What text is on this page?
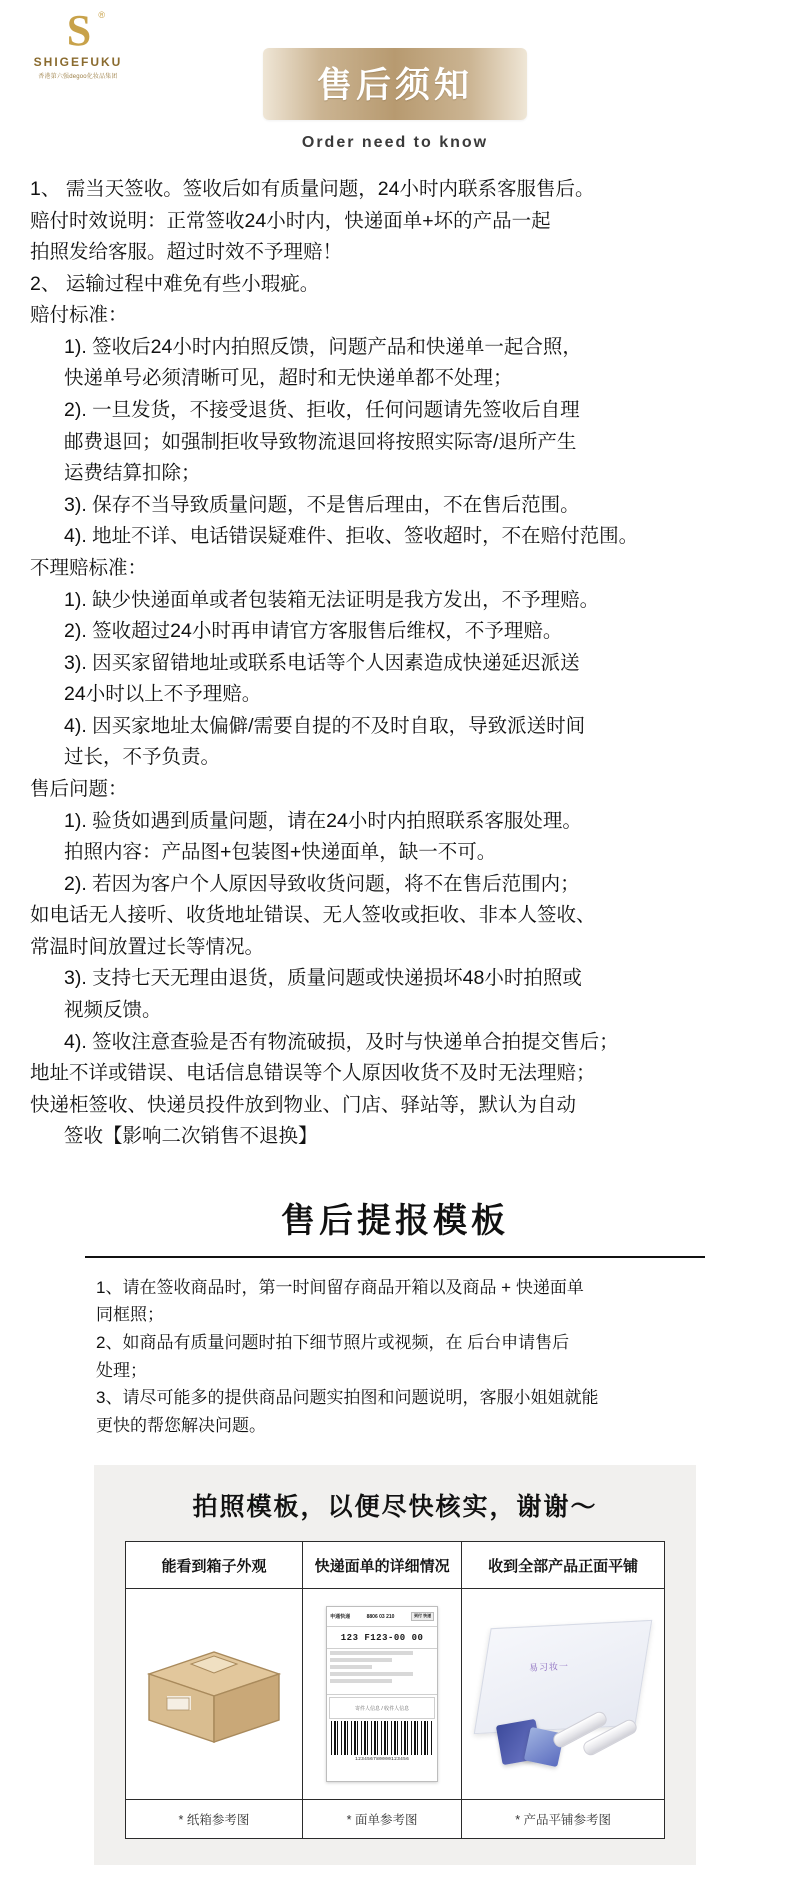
S ®
SHIGEFUKU
香港第六强degoo化妆品集团	售后须知
Order need to know

1、 需当天签收。签收后如有质量问题，24小时内联系客服售后。

赔付时效说明：正常签收24小时内，快递面单+坏的产品一起

拍照发给客服。超过时效不予理赔！

2、 运输过程中难免有些小瑕疵。

赔付标准：

1). 签收后24小时内拍照反馈，问题产品和快递单一起合照，

快递单号必须清晰可见，超时和无快递单都不处理；

2). 一旦发货，不接受退货、拒收，任何问题请先签收后自理

邮费退回；如强制拒收导致物流退回将按照实际寄/退所产生

运费结算扣除；

3). 保存不当导致质量问题，不是售后理由，不在售后范围。

4). 地址不详、电话错误疑难件、拒收、签收超时，不在赔付范围。

不理赔标准：

1). 缺少快递面单或者包装箱无法证明是我方发出，不予理赔。

2). 签收超过24小时再申请官方客服售后维权，不予理赔。

3). 因买家留错地址或联系电话等个人因素造成快递延迟派送

24小时以上不予理赔。

4). 因买家地址太偏僻/需要自提的不及时自取，导致派送时间

过长，不予负责。

售后问题：

1). 验货如遇到质量问题，请在24小时内拍照联系客服处理。

拍照内容：产品图+包装图+快递面单，缺一不可。

2). 若因为客户个人原因导致收货问题，将不在售后范围内；

如电话无人接听、收货地址错误、无人签收或拒收、非本人签收、

常温时间放置过长等情况。

3). 支持七天无理由退货，质量问题或快递损坏48小时拍照或

视频反馈。

4). 签收注意查验是否有物流破损，及时与快递单合拍提交售后；

地址不详或错误、电话信息错误等个人原因收货不及时无法理赔；

快递柜签收、快递员投件放到物业、门店、驿站等，默认为自动

签收【影响二次销售不退换】

售后提报模板

1、请在签收商品时，第一时间留存商品开箱以及商品 + 快递面单

同框照；

2、如商品有质量问题时拍下细节照片或视频，在 后台申请售后

处理；

3、请尽可能多的提供商品问题实拍图和问题说明，客服小姐姐就能

更快的帮您解决问题。

拍照模板，以便尽快核实，谢谢～
能看到箱子外观	快递面单的详细情况	收到全部产品正面平铺

申通快递	8806 03 210	到付 快递
123 F123-00 00
寄件人信息 / 收件人信息
123456780000123456

易习妆一

* 纸箱参考图	* 面单参考图	* 产品平铺参考图
